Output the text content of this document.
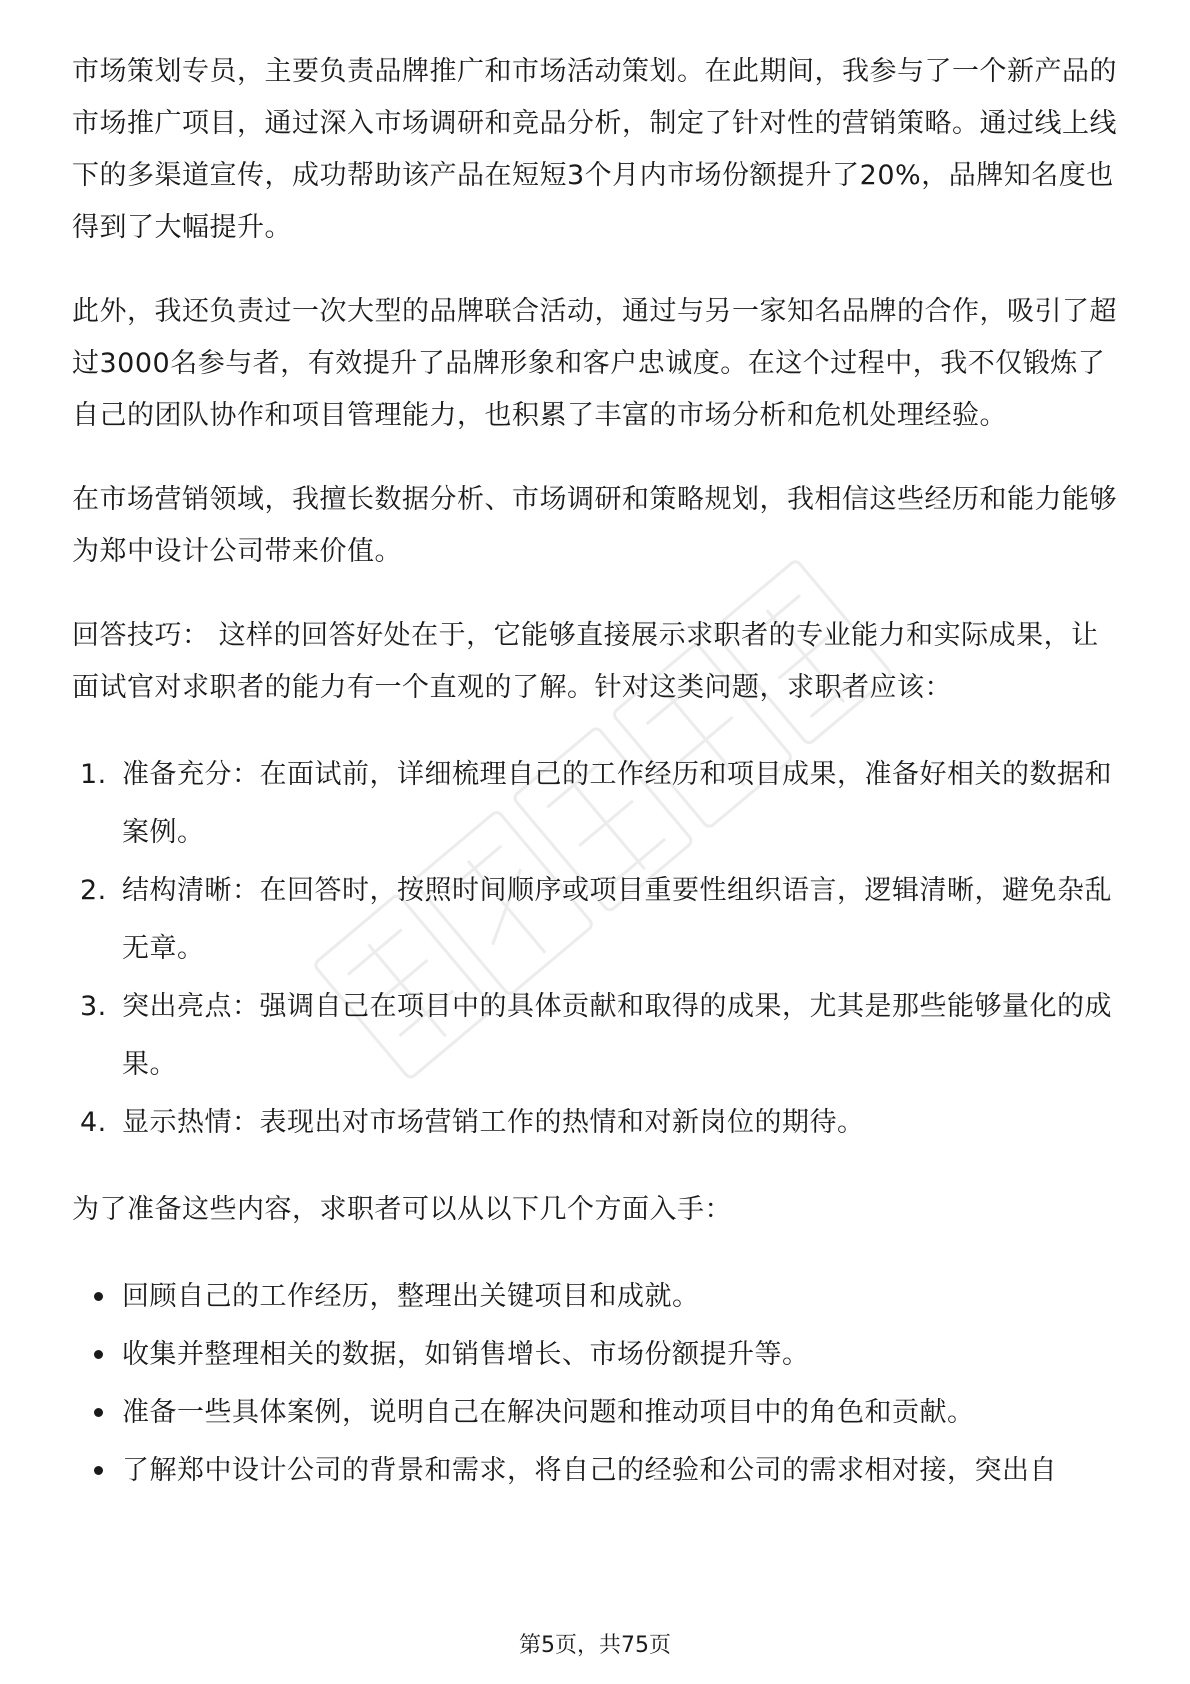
市场策划专员，主要负责品牌推广和市场活动策划。在此期间，我参与了一个新产品的市场推广项目，通过深入市场调研和竞品分析，制定了针对性的营销策略。通过线上线下的多渠道宣传，成功帮助该产品在短短3个月内市场份额提升了20%，品牌知名度也得到了大幅提升。

此外，我还负责过一次大型的品牌联合活动，通过与另一家知名品牌的合作，吸引了超过3000名参与者，有效提升了品牌形象和客户忠诚度。在这个过程中，我不仅锻炼了自己的团队协作和项目管理能力，也积累了丰富的市场分析和危机处理经验。

在市场营销领域，我擅长数据分析、市场调研和策略规划，我相信这些经历和能力能够为郑中设计公司带来价值。

回答技巧： 这样的回答好处在于，它能够直接展示求职者的专业能力和实际成果，让面试官对求职者的能力有一个直观的了解。针对这类问题，求职者应该：

1. 准备充分：在面试前，详细梳理自己的工作经历和项目成果，准备好相关的数据和案例。
2. 结构清晰：在回答时，按照时间顺序或项目重要性组织语言，逻辑清晰，避免杂乱无章。
3. 突出亮点：强调自己在项目中的具体贡献和取得的成果，尤其是那些能够量化的成果。
4. 显示热情：表现出对市场营销工作的热情和对新岗位的期待。

为了准备这些内容，求职者可以从以下几个方面入手：

回顾自己的工作经历，整理出关键项目和成就。
收集并整理相关的数据，如销售增长、市场份额提升等。
准备一些具体案例，说明自己在解决问题和推动项目中的角色和贡献。
了解郑中设计公司的背景和需求，将自己的经验和公司的需求相对接，突出自
第5页，共75页
